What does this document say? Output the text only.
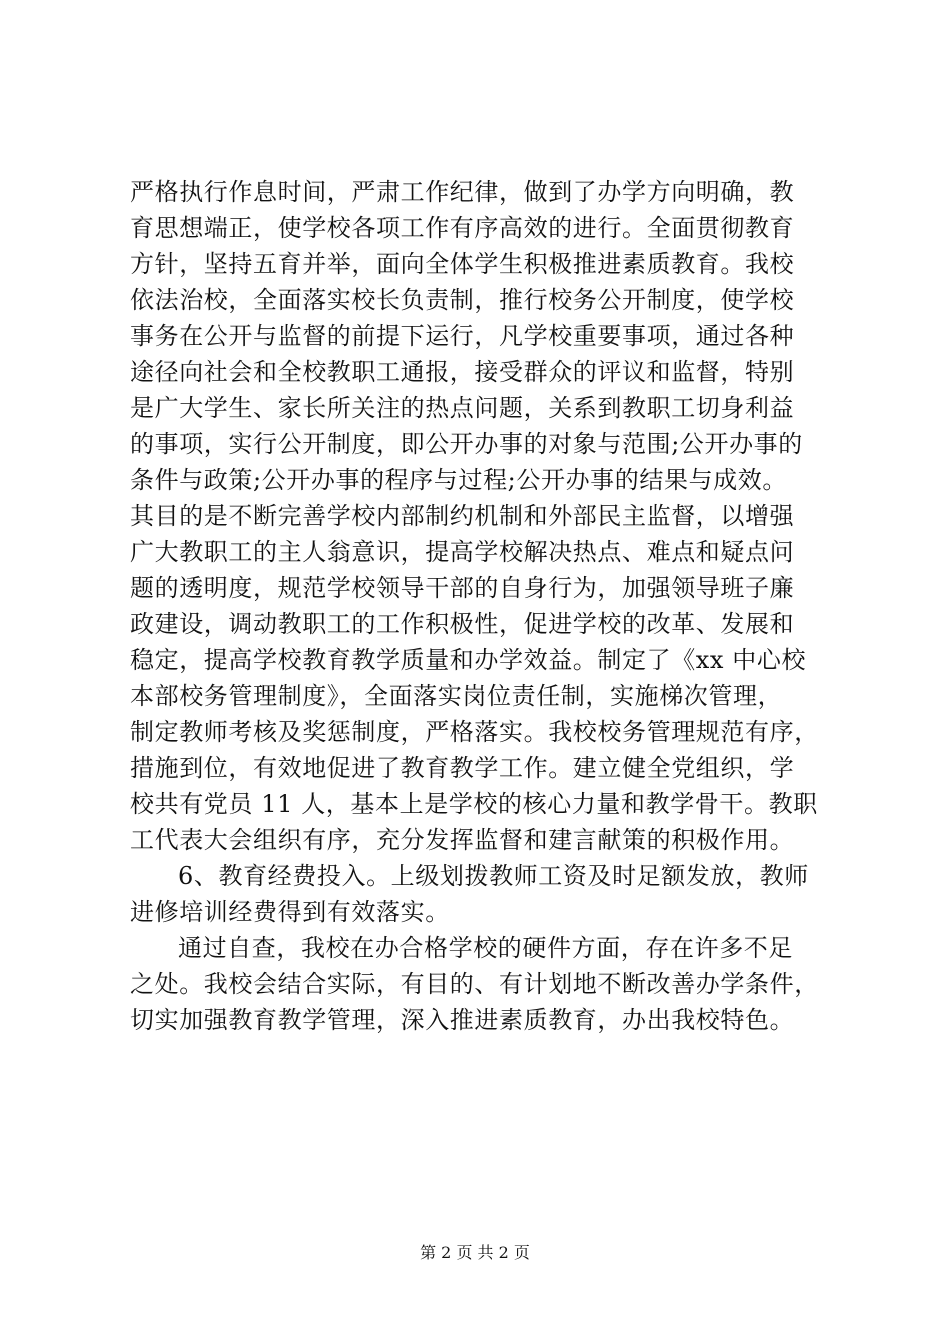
严格执行作息时间，严肃工作纪律，做到了办学方向明确，教
育思想端正，使学校各项工作有序高效的进行。全面贯彻教育
方针，坚持五育并举，面向全体学生积极推进素质教育。我校
依法治校，全面落实校长负责制，推行校务公开制度，使学校
事务在公开与监督的前提下运行，凡学校重要事项，通过各种
途径向社会和全校教职工通报，接受群众的评议和监督，特别
是广大学生、家长所关注的热点问题，关系到教职工切身利益
的事项，实行公开制度，即公开办事的对象与范围;公开办事的
条件与政策;公开办事的程序与过程;公开办事的结果与成效。
其目的是不断完善学校内部制约机制和外部民主监督，以增强
广大教职工的主人翁意识，提高学校解决热点、难点和疑点问
题的透明度，规范学校领导干部的自身行为，加强领导班子廉
政建设，调动教职工的工作积极性，促进学校的改革、发展和
稳定，提高学校教育教学质量和办学效益。制定了《xx 中心校
本部校务管理制度》，全面落实岗位责任制，实施梯次管理，
制定教师考核及奖惩制度，严格落实。我校校务管理规范有序，
措施到位，有效地促进了教育教学工作。建立健全党组织，学
校共有党员 11 人，基本上是学校的核心力量和教学骨干。教职
工代表大会组织有序，充分发挥监督和建言献策的积极作用。
6、教育经费投入。上级划拨教师工资及时足额发放，教师
进修培训经费得到有效落实。
通过自查，我校在办合格学校的硬件方面，存在许多不足
之处。我校会结合实际，有目的、有计划地不断改善办学条件，
切实加强教育教学管理，深入推进素质教育，办出我校特色。
第 2 页 共 2 页
